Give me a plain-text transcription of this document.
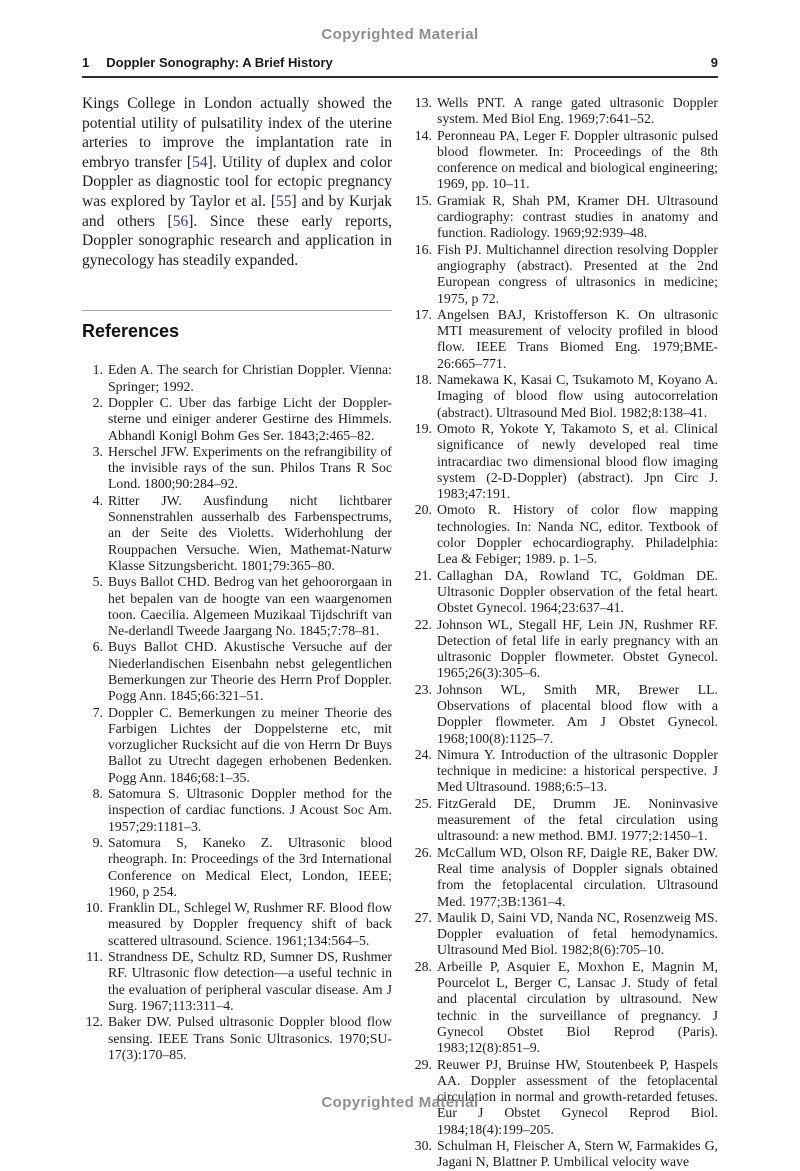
Copyrighted Material
1 Doppler Sonography: A Brief History	9

Kings College in London actually showed the potential utility of pulsatility index of the uterine arteries to improve the implantation rate in embryo transfer [54]. Utility of duplex and color Doppler as diagnostic tool for ectopic pregnancy was explored by Taylor et al. [55] and by Kurjak and others [56]. Since these early reports, Doppler sonographic research and application in gynecology has steadily expanded.

References
1. Eden A. The search for Christian Doppler. Vienna: Springer; 1992.
2. Doppler C. Uber das farbige Licht der Doppler-sterne und einiger anderer Gestirne des Himmels. Abhandl Konigl Bohm Ges Ser. 1843;2:465–82.
3. Herschel JFW. Experiments on the refrangibility of the invisible rays of the sun. Philos Trans R Soc Lond. 1800;90:284–92.
4. Ritter JW. Ausfindung nicht lichtbarer Sonnenstrahlen ausserhalb des Farbenspectrums, an der Seite des Violetts. Widerhohlung der Rouppachen Versuche. Wien, Mathemat-Naturw Klasse Sitzungsbericht. 1801;79:365–80.
5. Buys Ballot CHD. Bedrog van het gehoororgaan in het bepalen van de hoogte van een waargenomen toon. Caecilia. Algemeen Muzikaal Tijdschrift van Ne-derlandl Tweede Jaargang No. 1845;7:78–81.
6. Buys Ballot CHD. Akustische Versuche auf der Niederlandischen Eisenbahn nebst gelegentlichen Bemerkungen zur Theorie des Herrn Prof Doppler. Pogg Ann. 1845;66:321–51.
7. Doppler C. Bemerkungen zu meiner Theorie des Farbigen Lichtes der Doppelsterne etc, mit vorzuglicher Rucksicht auf die von Herrn Dr Buys Ballot zu Utrecht dagegen erhobenen Bedenken. Pogg Ann. 1846;68:1–35.
8. Satomura S. Ultrasonic Doppler method for the inspection of cardiac functions. J Acoust Soc Am. 1957;29:1181–3.
9. Satomura S, Kaneko Z. Ultrasonic blood rheograph. In: Proceedings of the 3rd International Conference on Medical Elect, London, IEEE; 1960, p 254.
10. Franklin DL, Schlegel W, Rushmer RF. Blood flow measured by Doppler frequency shift of back scattered ultrasound. Science. 1961;134:564–5.
11. Strandness DE, Schultz RD, Sumner DS, Rushmer RF. Ultrasonic flow detection—a useful technic in the evaluation of peripheral vascular disease. Am J Surg. 1967;113:311–4.
12. Baker DW. Pulsed ultrasonic Doppler blood flow sensing. IEEE Trans Sonic Ultrasonics. 1970;SU-17(3):170–85.
13. Wells PNT. A range gated ultrasonic Doppler system. Med Biol Eng. 1969;7:641–52.
14. Peronneau PA, Leger F. Doppler ultrasonic pulsed blood flowmeter. In: Proceedings of the 8th conference on medical and biological engineering; 1969, pp. 10–11.
15. Gramiak R, Shah PM, Kramer DH. Ultrasound cardiography: contrast studies in anatomy and function. Radiology. 1969;92:939–48.
16. Fish PJ. Multichannel direction resolving Doppler angiography (abstract). Presented at the 2nd European congress of ultrasonics in medicine; 1975, p 72.
17. Angelsen BAJ, Kristofferson K. On ultrasonic MTI measurement of velocity profiled in blood flow. IEEE Trans Biomed Eng. 1979;BME-26:665–771.
18. Namekawa K, Kasai C, Tsukamoto M, Koyano A. Imaging of blood flow using autocorrelation (abstract). Ultrasound Med Biol. 1982;8:138–41.
19. Omoto R, Yokote Y, Takamoto S, et al. Clinical significance of newly developed real time intracardiac two dimensional blood flow imaging system (2-D-Doppler) (abstract). Jpn Circ J. 1983;47:191.
20. Omoto R. History of color flow mapping technologies. In: Nanda NC, editor. Textbook of color Doppler echocardiography. Philadelphia: Lea & Febiger; 1989. p. 1–5.
21. Callaghan DA, Rowland TC, Goldman DE. Ultrasonic Doppler observation of the fetal heart. Obstet Gynecol. 1964;23:637–41.
22. Johnson WL, Stegall HF, Lein JN, Rushmer RF. Detection of fetal life in early pregnancy with an ultrasonic Doppler flowmeter. Obstet Gynecol. 1965;26(3):305–6.
23. Johnson WL, Smith MR, Brewer LL. Observations of placental blood flow with a Doppler flowmeter. Am J Obstet Gynecol. 1968;100(8):1125–7.
24. Nimura Y. Introduction of the ultrasonic Doppler technique in medicine: a historical perspective. J Med Ultrasound. 1988;6:5–13.
25. FitzGerald DE, Drumm JE. Noninvasive measurement of the fetal circulation using ultrasound: a new method. BMJ. 1977;2:1450–1.
26. McCallum WD, Olson RF, Daigle RE, Baker DW. Real time analysis of Doppler signals obtained from the fetoplacental circulation. Ultrasound Med. 1977;3B:1361–4.
27. Maulik D, Saini VD, Nanda NC, Rosenzweig MS. Doppler evaluation of fetal hemodynamics. Ultrasound Med Biol. 1982;8(6):705–10.
28. Arbeille P, Asquier E, Moxhon E, Magnin M, Pourcelot L, Berger C, Lansac J. Study of fetal and placental circulation by ultrasound. New technic in the surveillance of pregnancy. J Gynecol Obstet Biol Reprod (Paris). 1983;12(8):851–9.
29. Reuwer PJ, Bruinse HW, Stoutenbeek P, Haspels AA. Doppler assessment of the fetoplacental circulation in normal and growth-retarded fetuses. Eur J Obstet Gynecol Reprod Biol. 1984;18(4):199–205.
30. Schulman H, Fleischer A, Stern W, Farmakides G, Jagani N, Blattner P. Umbilical velocity wave
Copyrighted Material
